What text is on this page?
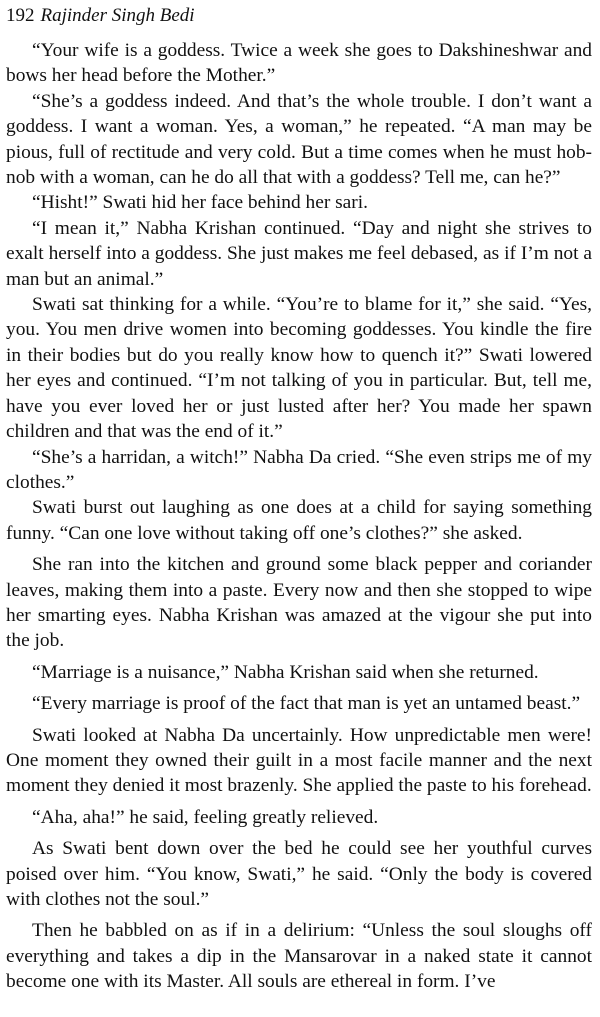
192 Rajinder Singh Bedi

“Your wife is a goddess. Twice a week she goes to Dakshineshwar and bows her head before the Mother.”

“She’s a goddess indeed. And that’s the whole trouble. I don’t want a goddess. I want a woman. Yes, a woman,” he repeated. “A man may be pious, full of rectitude and very cold. But a time comes when he must hob-nob with a woman, can he do all that with a goddess? Tell me, can he?”

“Hisht!” Swati hid her face behind her sari.

“I mean it,” Nabha Krishan continued. “Day and night she strives to exalt herself into a goddess. She just makes me feel debased, as if I’m not a man but an animal.”

Swati sat thinking for a while. “You’re to blame for it,” she said. “Yes, you. You men drive women into becoming goddesses. You kindle the fire in their bodies but do you really know how to quench it?” Swati lowered her eyes and continued. “I’m not talking of you in particular. But, tell me, have you ever loved her or just lusted after her? You made her spawn children and that was the end of it.”

“She’s a harridan, a witch!” Nabha Da cried. “She even strips me of my clothes.”

Swati burst out laughing as one does at a child for saying something funny. “Can one love without taking off one’s clothes?” she asked.

She ran into the kitchen and ground some black pepper and coriander leaves, making them into a paste. Every now and then she stopped to wipe her smarting eyes. Nabha Krishan was amazed at the vigour she put into the job.

“Marriage is a nuisance,” Nabha Krishan said when she returned.

“Every marriage is proof of the fact that man is yet an untamed beast.”

Swati looked at Nabha Da uncertainly. How unpredictable men were! One moment they owned their guilt in a most facile manner and the next moment they denied it most brazenly. She applied the paste to his forehead.

“Aha, aha!” he said, feeling greatly relieved.

As Swati bent down over the bed he could see her youthful curves poised over him. “You know, Swati,” he said. “Only the body is covered with clothes not the soul.”

Then he babbled on as if in a delirium: “Unless the soul sloughs off everything and takes a dip in the Mansarovar in a naked state it cannot become one with its Master. All souls are ethereal in form. I’ve
